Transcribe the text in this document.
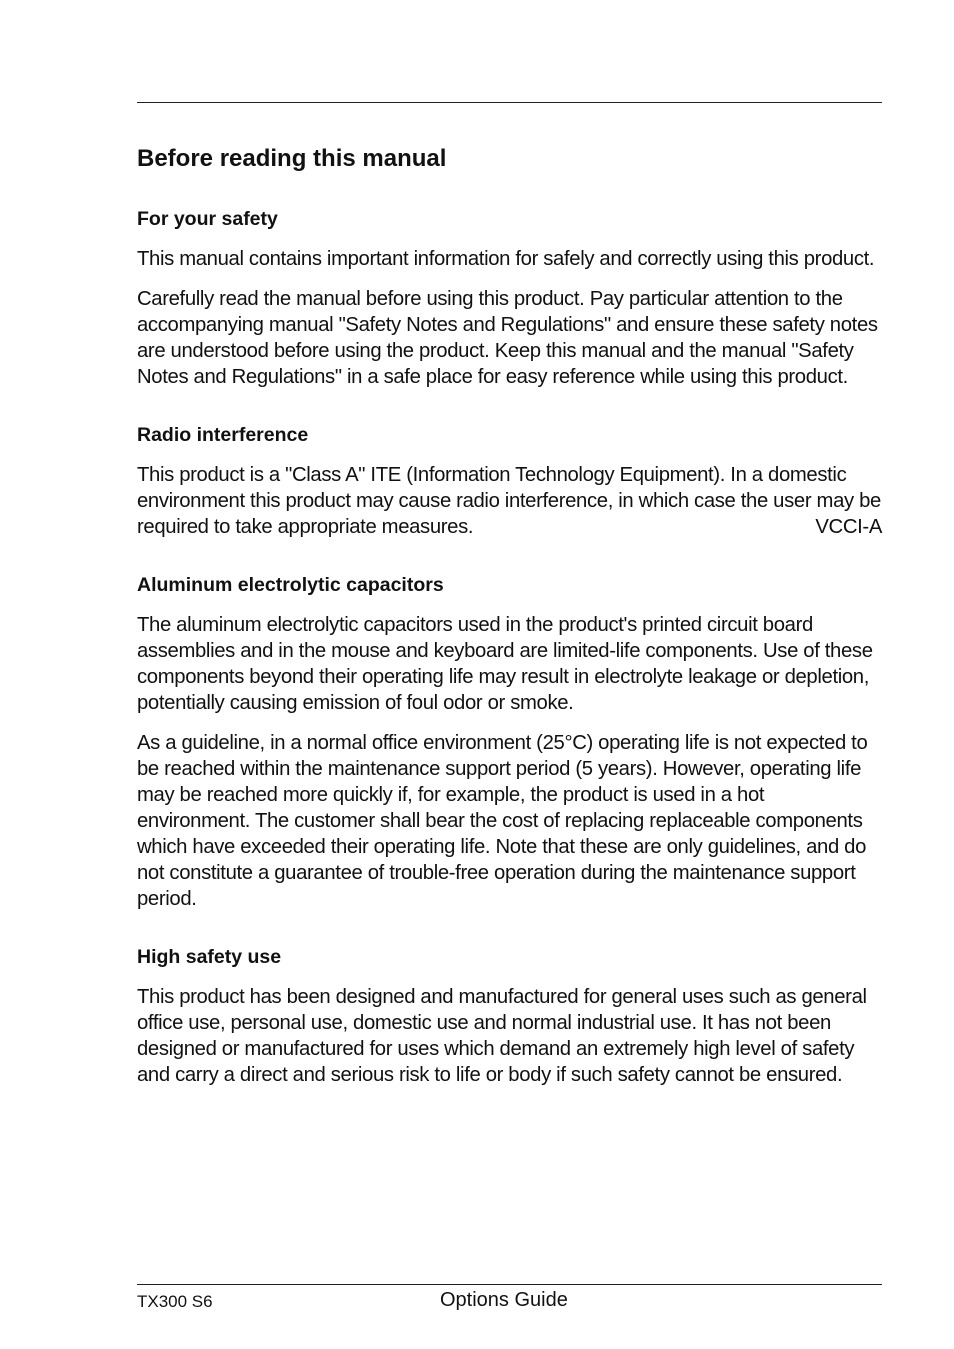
Before reading this manual
For your safety

This manual contains important information for safely and correctly using this product.

Carefully read the manual before using this product. Pay particular attention to the accompanying manual "Safety Notes and Regulations" and ensure these safety notes are understood before using the product. Keep this manual and the manual "Safety Notes and Regulations" in a safe place for easy reference while using this product.

Radio interference

This product is a "Class A" ITE (Information Technology Equipment). In a domestic environment this product may cause radio interference, in which case the user may be required to take appropriate measures.	VCCI-A

Aluminum electrolytic capacitors

The aluminum electrolytic capacitors used in the product's printed circuit board assemblies and in the mouse and keyboard are limited-life components. Use of these components beyond their operating life may result in electrolyte leakage or depletion, potentially causing emission of foul odor or smoke.

As a guideline, in a normal office environment (25°C) operating life is not expected to be reached within the maintenance support period (5 years). However, operating life may be reached more quickly if, for example, the product is used in a hot environment. The customer shall bear the cost of replacing replaceable components which have exceeded their operating life. Note that these are only guidelines, and do not constitute a guarantee of trouble-free operation during the maintenance support period.

High safety use

This product has been designed and manufactured for general uses such as general office use, personal use, domestic use and normal industrial use. It has not been designed or manufactured for uses which demand an extremely high level of safety and carry a direct and serious risk to life or body if such safety cannot be ensured.

TX300 S6	Options Guide
